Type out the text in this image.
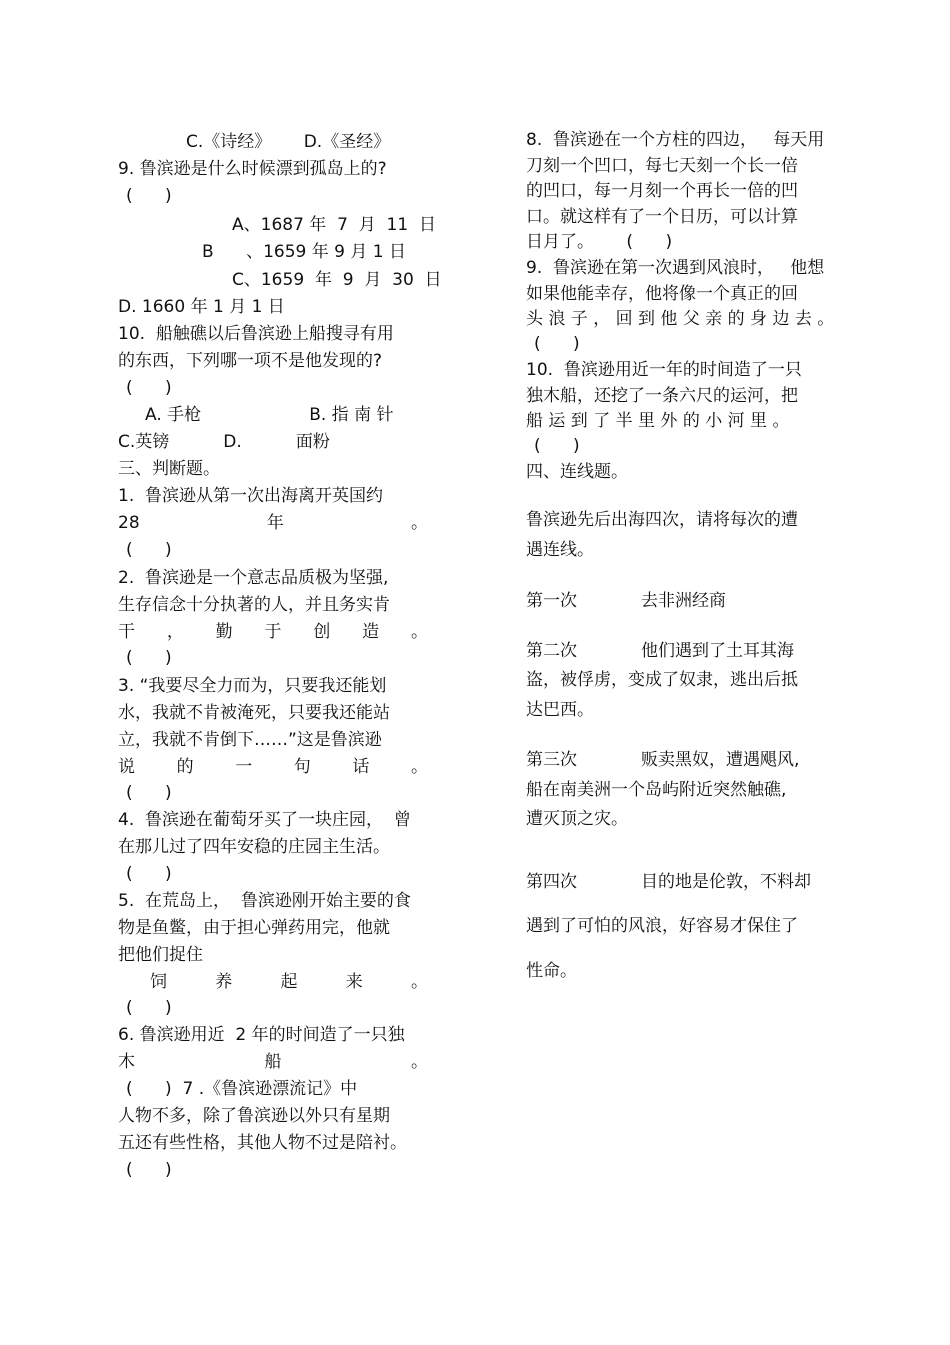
C.《诗经》      D.《圣经》
9. 鲁滨逊是什么时候漂到孤岛上的?
(      )
A、1687 年  7  月  11  日
B      、1659 年 9 月 1 日
C、1659  年  9  月  30  日
D. 1660 年 1 月 1 日
10.  船触礁以后鲁滨逊上船搜寻有用
的东西，下列哪一项不是他发现的?
(      )
A. 手枪                    B. 指 南 针
C.英镑          D.          面粉
三、判断题。
1.  鲁滨逊从第一次出海离开英国约
28	年	。
(      )
2.  鲁滨逊是一个意志品质极为坚强,
生存信念十分执著的人，并且务实肯
干 ， 勤 于 创 造 。
(      )
3. “我要尽全力而为，只要我还能划
水，我就不肯被淹死，只要我还能站
立，我就不肯倒下……”这是鲁滨逊
说 的 一 句 话 。
(      )
4.  鲁滨逊在葡萄牙买了一块庄园，  曾
在那儿过了四年安稳的庄园主生活。
(      )
5.  在荒岛上，  鲁滨逊刚开始主要的食
物是鱼鳖，由于担心弹药用完，他就
把他们捉住
饲	养	起	来	。
(      )
6. 鲁滨逊用近  2 年的时间造了一只独
木	船	。
(      )  7 .《鲁滨逊漂流记》中
人物不多，除了鲁滨逊以外只有星期
五还有些性格，其他人物不过是陪衬。
(      )
8.  鲁滨逊在一个方柱的四边，   每天用
刀刻一个凹口，每七天刻一个长一倍
的凹口，每一月刻一个再长一倍的凹
口。就这样有了一个日历，可以计算
日月了。      (      )
9.  鲁滨逊在第一次遇到风浪时，   他想
如果他能幸存，他将像一个真正的回
头 浪 子 ， 回 到 他 父 亲 的 身 边 去 。
(      )
10.  鲁滨逊用近一年的时间造了一只
独木船，还挖了一条六尺的运河，把
船 运 到 了 半 里 外 的 小 河 里 。
(      )
四、连线题。
鲁滨逊先后出海四次，请将每次的遭
遇连线。
第一次	去非洲经商
第二次	他们遇到了土耳其海
盗，被俘虏，变成了奴隶，逃出后抵
达巴西。
第三次	贩卖黑奴，遭遇飓风,
船在南美洲一个岛屿附近突然触礁,
遭灭顶之灾。
第四次	目的地是伦敦，不料却
遇到了可怕的风浪，好容易才保住了
性命。
